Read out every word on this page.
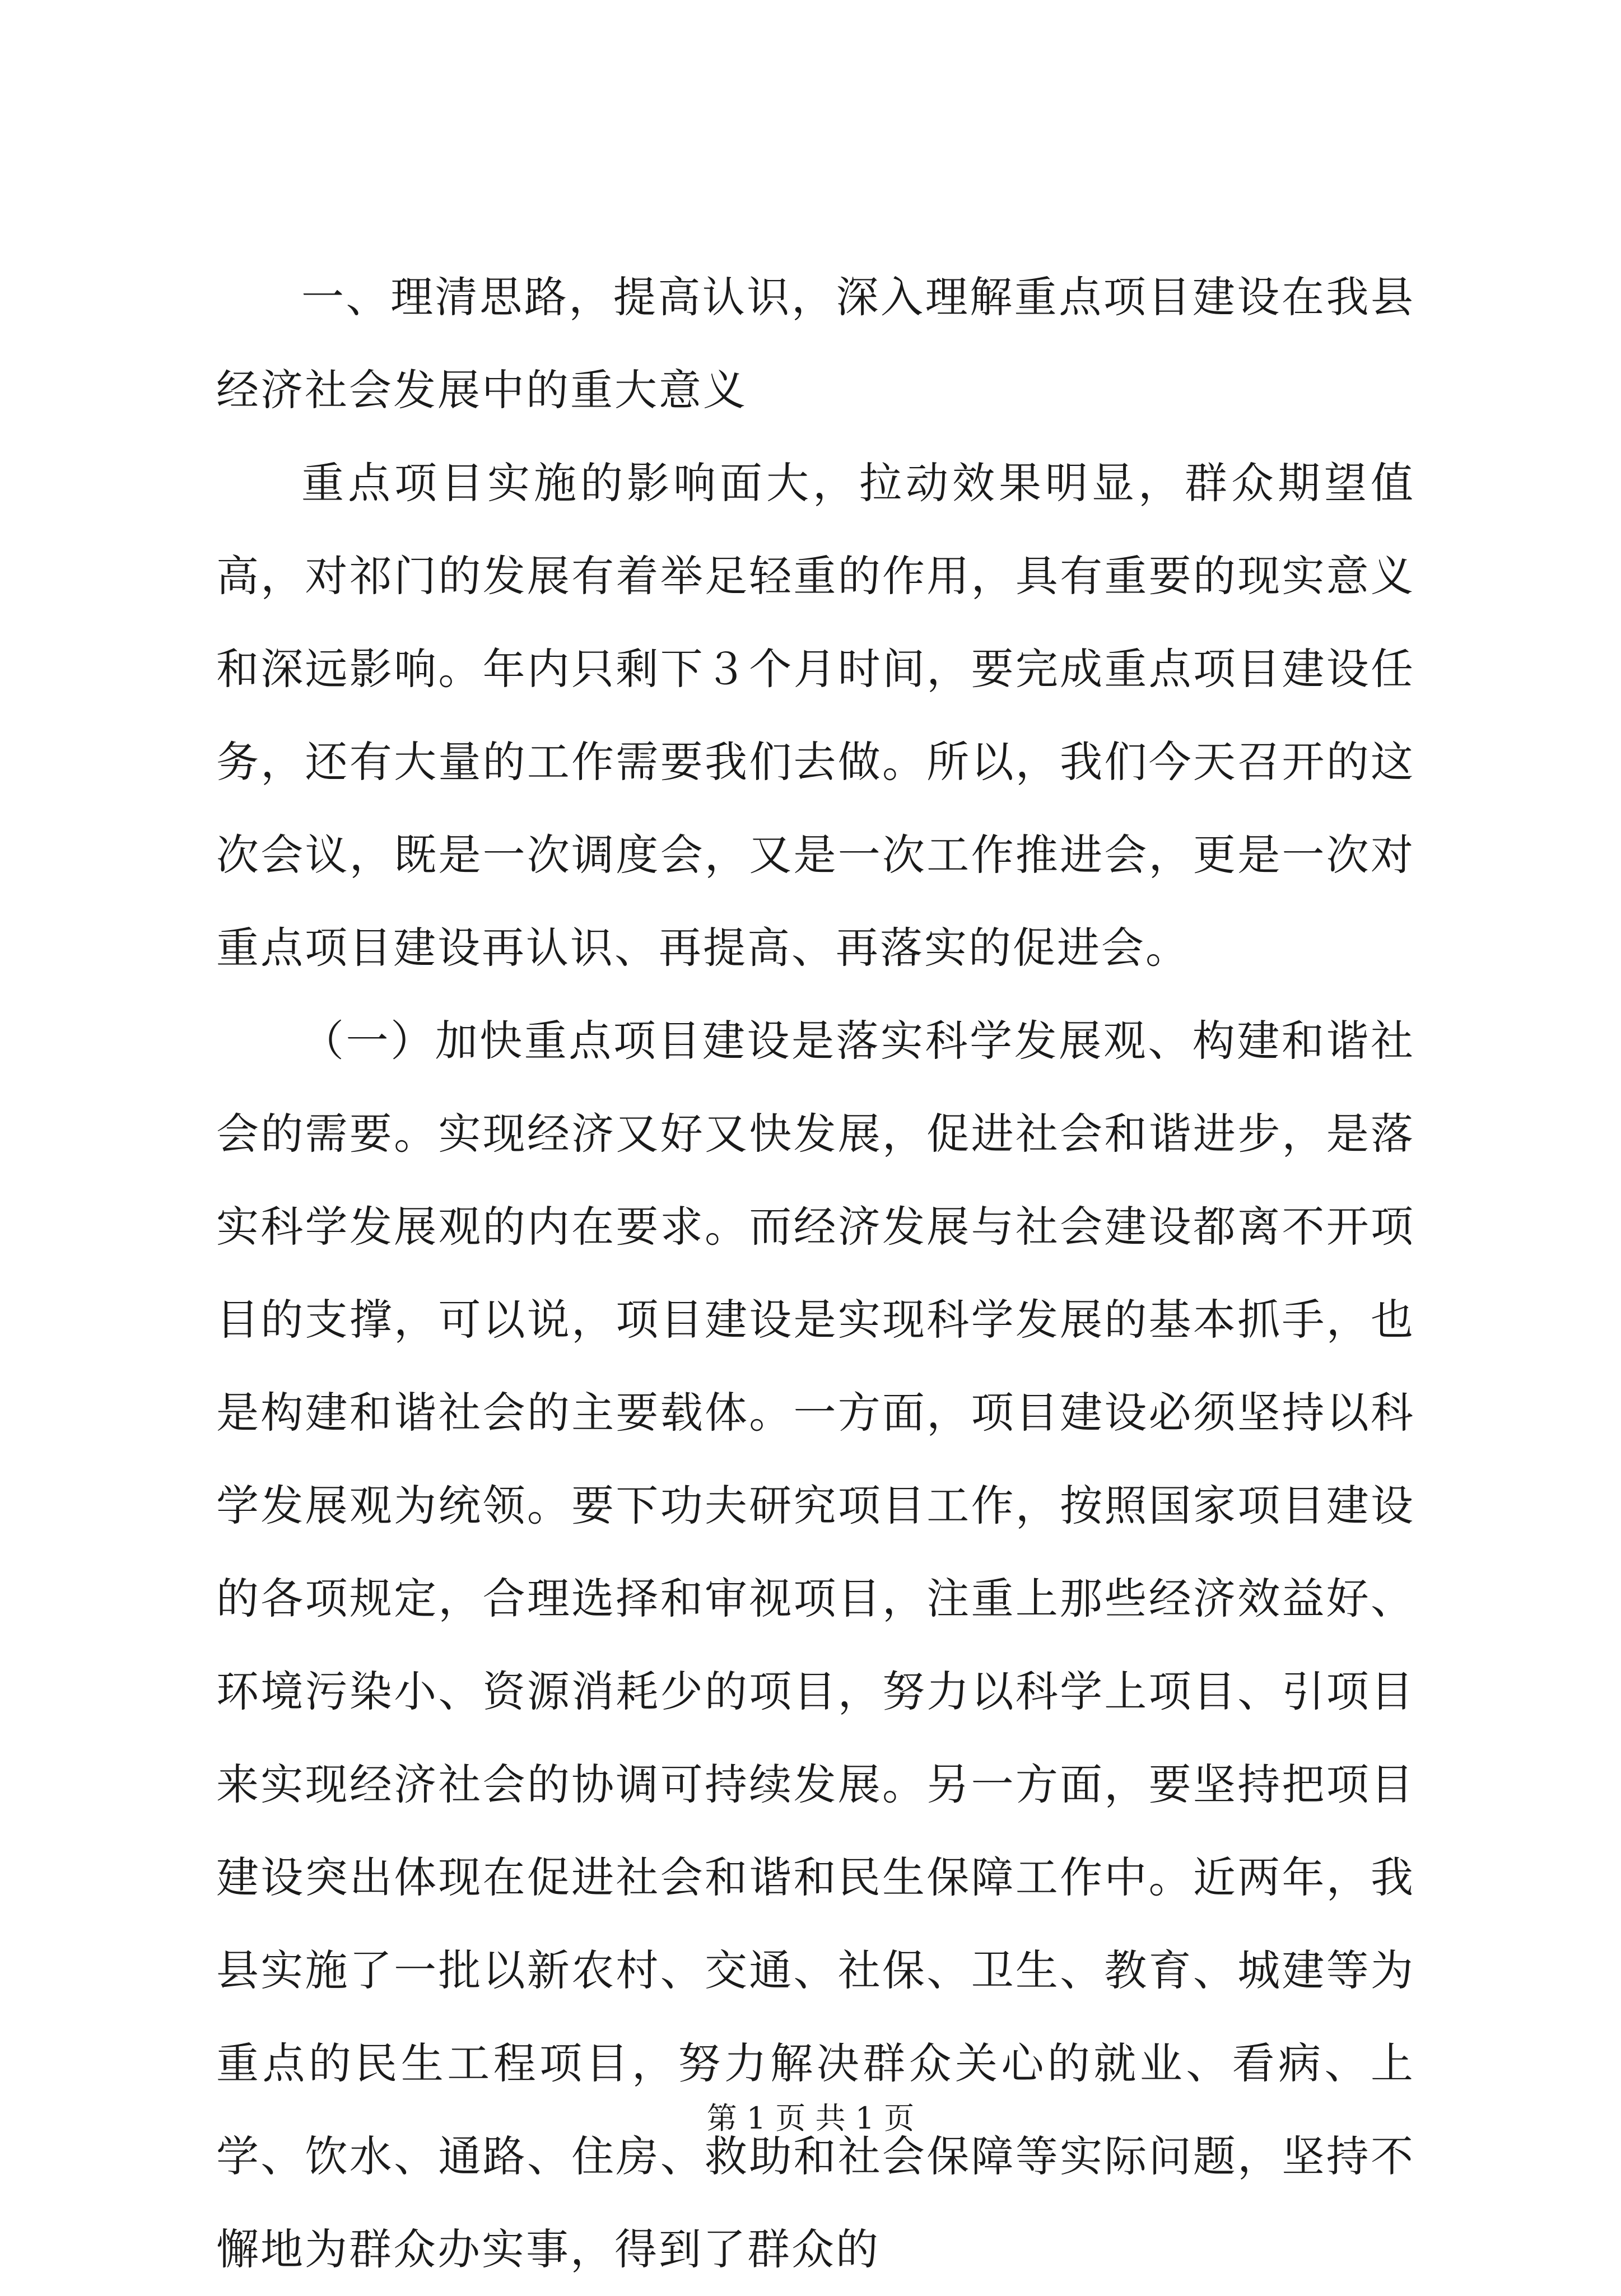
一、理清思路，提高认识，深入理解重点项目建设在我县经济社会发展中的重大意义

重点项目实施的影响面大，拉动效果明显，群众期望值高，对祁门的发展有着举足轻重的作用，具有重要的现实意义和深远影响。年内只剩下３个月时间，要完成重点项目建设任务，还有大量的工作需要我们去做。所以，我们今天召开的这次会议，既是一次调度会，又是一次工作推进会，更是一次对重点项目建设再认识、再提高、再落实的促进会。

（一）加快重点项目建设是落实科学发展观、构建和谐社会的需要。实现经济又好又快发展，促进社会和谐进步，是落实科学发展观的内在要求。而经济发展与社会建设都离不开项目的支撑，可以说，项目建设是实现科学发展的基本抓手，也是构建和谐社会的主要载体。一方面，项目建设必须坚持以科学发展观为统领。要下功夫研究项目工作，按照国家项目建设的各项规定，合理选择和审视项目，注重上那些经济效益好、环境污染小、资源消耗少的项目，努力以科学上项目、引项目来实现经济社会的协调可持续发展。另一方面，要坚持把项目建设突出体现在促进社会和谐和民生保障工作中。近两年，我县实施了一批以新农村、交通、社保、卫生、教育、城建等为重点的民生工程项目，努力解决群众关心的就业、看病、上学、饮水、通路、住房、救助和社会保障等实际问题，坚持不懈地为群众办实事，得到了群众的

第 1 页 共 1 页
